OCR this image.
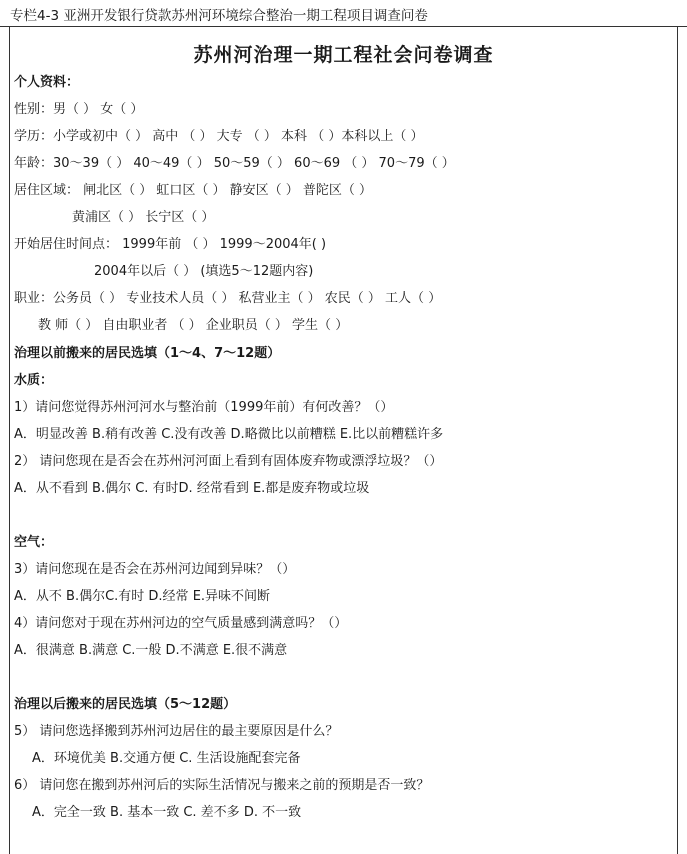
专栏4-3 亚洲开发银行贷款苏州河环境综合整治一期工程项目调查问卷
苏州河治理一期工程社会问卷调查
个人资料：
性别：男（ ） 女（ ）
学历：小学或初中（ ） 高中 （ ） 大专 （ ） 本科 （ ）本科以上（ ）
年龄：30～39（ ） 40～49（ ） 50～59（ ） 60～69 （ ） 70～79（ ）
居住区域： 闸北区（ ） 虹口区（ ） 静安区（ ） 普陀区（ ）
黄浦区（ ） 长宁区（ ）
开始居住时间点： 1999年前 （ ） 1999～2004年( )
2004年以后（ ） (填选5～12题内容)
职业：公务员（ ） 专业技术人员（ ） 私营业主（ ） 农民（ ） 工人（ ）
教 师（ ） 自由职业者 （ ） 企业职员（ ） 学生（ ）
治理以前搬来的居民选填（1～4、7～12题）
水质：
1）请问您觉得苏州河河水与整治前（1999年前）有何改善？（）
A．明显改善 B.稍有改善 C.没有改善 D.略微比以前糟糕 E.比以前糟糕许多
2） 请问您现在是否会在苏州河河面上看到有固体废弃物或漂浮垃圾？（）
A．从不看到 B.偶尔 C. 有时D. 经常看到 E.都是废弃物或垃圾
空气：
3）请问您现在是否会在苏州河边闻到异味？（）
A．从不 B.偶尔C.有时 D.经常 E.异味不间断
4）请问您对于现在苏州河边的空气质量感到满意吗？（）
A．很满意 B.满意 C.一般 D.不满意 E.很不满意
治理以后搬来的居民选填（5～12题）
5） 请问您选择搬到苏州河边居住的最主要原因是什么？
A．环境优美 B.交通方便 C. 生活设施配套完备
6） 请问您在搬到苏州河后的实际生活情况与搬来之前的预期是否一致？
A．完全一致 B. 基本一致 C. 差不多 D. 不一致
